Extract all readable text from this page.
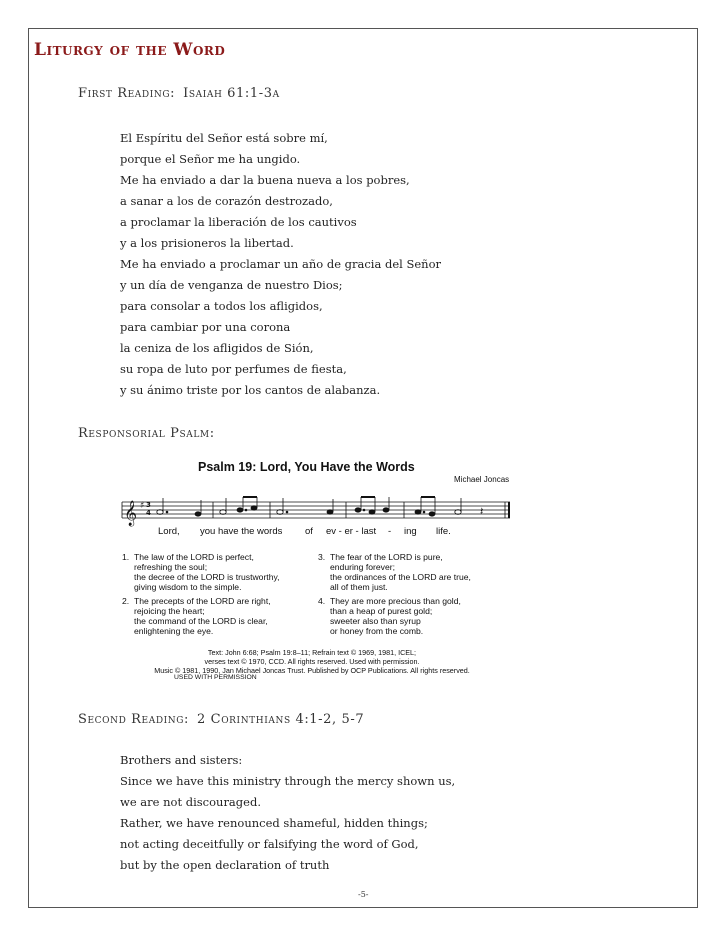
Liturgy of the Word
First Reading: Isaiah 61:1-3a
El Espíritu del Señor está sobre mí,
porque el Señor me ha ungido.
Me ha enviado a dar la buena nueva a los pobres,
a sanar a los de corazón destrozado,
a proclamar la liberación de los cautivos
y a los prisioneros la libertad.
Me ha enviado a proclamar un año de gracia del Señor
y un día de venganza de nuestro Dios;
para consolar a todos los afligidos,
para cambiar por una corona
la ceniza de los afligidos de Sión,
su ropa de luto por perfumes de fiesta,
y su ánimo triste por los cantos de alabanza.
Responsorial Psalm:
Psalm 19: Lord, You Have the Words
Michael Joncas
𝄞 ♯ 3
4	𝄽
Lord, you have the words of ev - er - last - ing life.
1. The law of the LORD is perfect,
refreshing the soul;
the decree of the LORD is trustworthy,
giving wisdom to the simple.
2. The precepts of the LORD are right,
rejoicing the heart;
the command of the LORD is clear,
enlightening the eye.
3. The fear of the LORD is pure,
enduring forever;
the ordinances of the LORD are true,
all of them just.
4. They are more precious than gold,
than a heap of purest gold;
sweeter also than syrup
or honey from the comb.
Text: John 6:68; Psalm 19:8–11; Refrain text © 1969, 1981, ICEL;
verses text © 1970, CCD. All rights reserved. Used with permission.
Music © 1981, 1990, Jan Michael Joncas Trust. Published by OCP Publications. All rights reserved.
USED WITH PERMISSION
Second Reading: 2 Corinthians 4:1-2, 5-7
Brothers and sisters:
Since we have this ministry through the mercy shown us,
we are not discouraged.
Rather, we have renounced shameful, hidden things;
not acting deceitfully or falsifying the word of God,
but by the open declaration of truth
-5-
